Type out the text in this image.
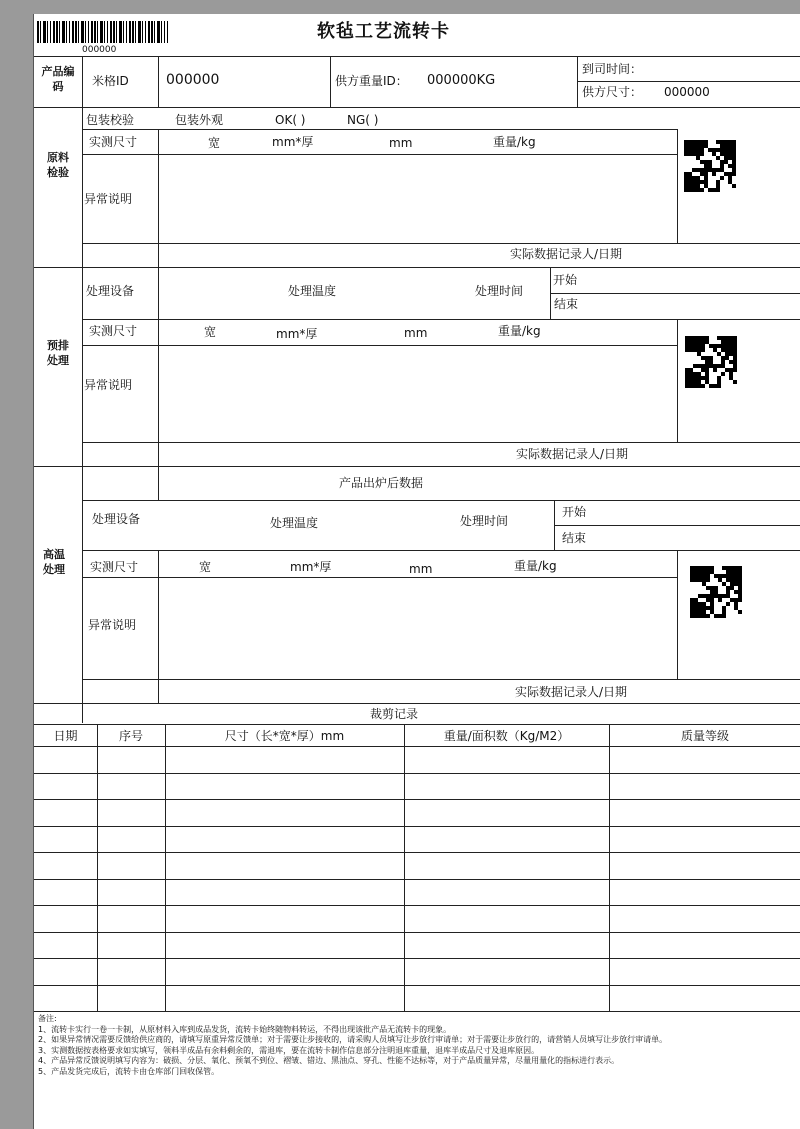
000000
软毡工艺流转卡
产品编码	米格ID	000000	供方重量ID： 000000KG
到司时间：
供方尺寸： 000000
原料检验
包装校验	包装外观	OK( )	NG( )
实测尺寸	宽	mm*厚	mm	重量/kg
异常说明
实际数据记录人/日期
预排处理
处理设备	处理温度	处理时间
开始
结束
实测尺寸	宽	mm*厚	mm	重量/kg
异常说明
实际数据记录人/日期
高温处理
产品出炉后数据
处理设备	处理温度	处理时间
开始
结束
实测尺寸	宽	mm*厚	mm	重量/kg
异常说明
实际数据记录人/日期
裁剪记录
日期	序号	尺寸（长*宽*厚）mm	重量/面积数（Kg/M2）	质量等级
备注:
1、流转卡实行一卷一卡制，从原材料入库到成品发货，流转卡始终随物料转运，不得出现该批产品无流转卡的现象。
2、如果异常情况需要反馈给供应商的，请填写原重异常反馈单；对于需要让步接收的，请采购人员填写让步放行审请单；对于需要让步放行的，请营销人员填写让步放行审请单。
3、实测数据按表格要求如实填写，领料半成品有余料剩余的，需退库，要在流转卡制作信息部分注明退库重量，退库半成品尺寸及退库原因。
4、产品异常反馈说明填写内容为：破损、分层、氧化、预氧不到位、褶皱、错边、黑油点、穿孔、性能不达标等，对于产品质量异常，尽量用量化的指标进行表示。
5、产品发货完成后，流转卡由仓库部门回收保管。
